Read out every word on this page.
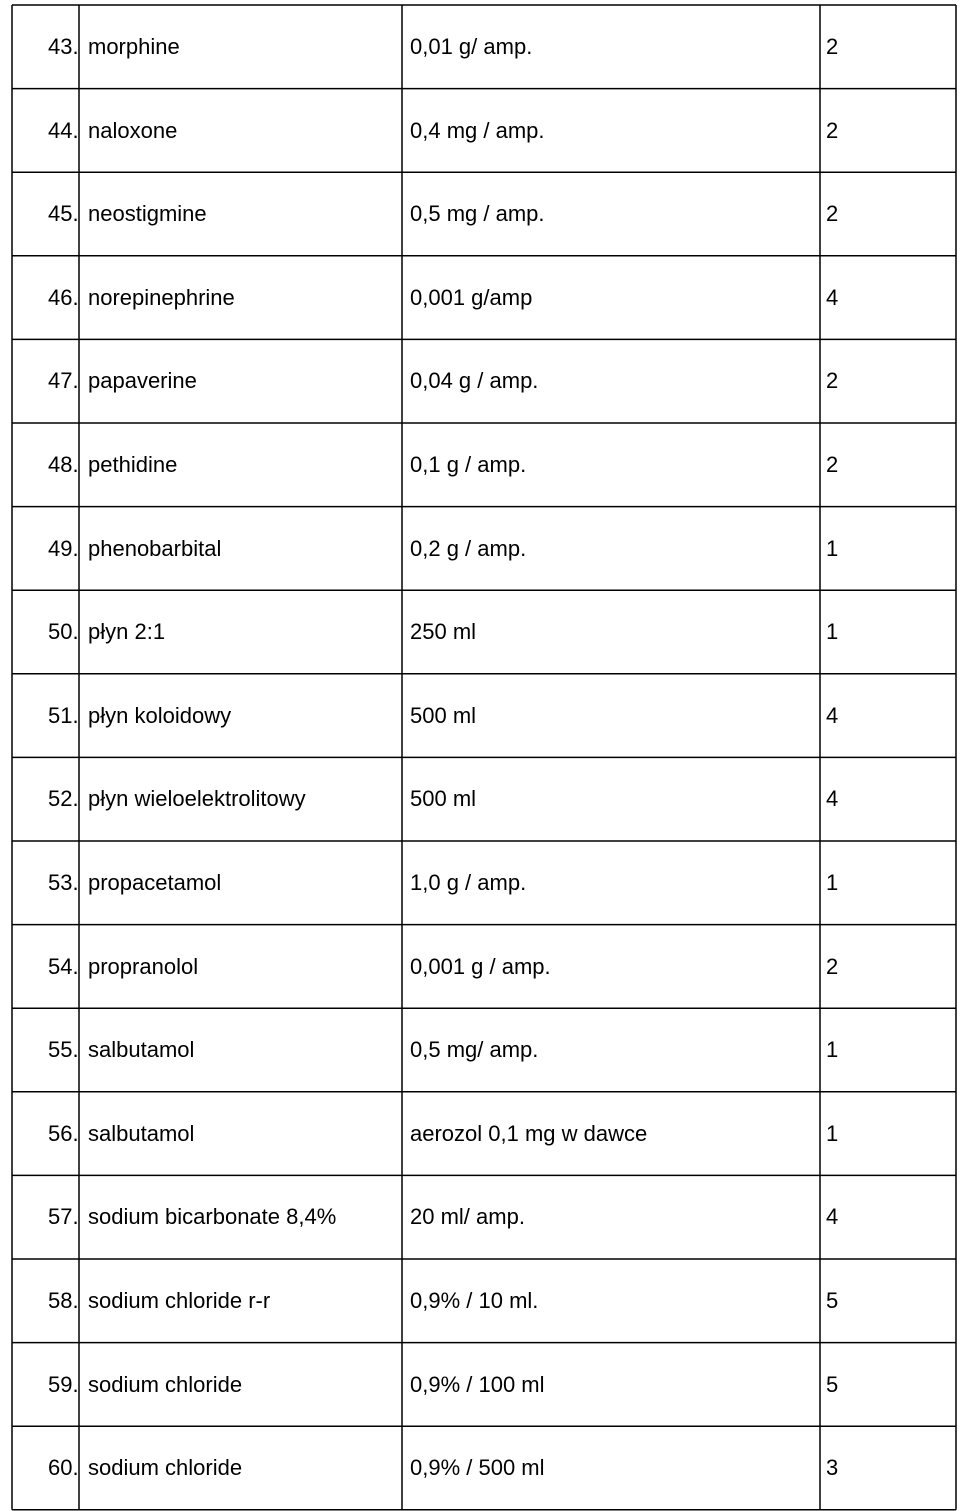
43. morphine	0,01 g/ amp.	2
44. naloxone	0,4 mg / amp.	2
45. neostigmine	0,5 mg / amp.	2
46. norepinephrine	0,001 g/amp	4
47. papaverine	0,04 g / amp.	2
48. pethidine	0,1 g / amp.	2
49. phenobarbital	0,2 g / amp.	1
50. płyn 2:1	250 ml	1
51. płyn koloidowy	500 ml	4
52. płyn wieloelektrolitowy	500 ml	4
53. propacetamol	1,0 g / amp.	1
54. propranolol	0,001 g / amp.	2
55. salbutamol	0,5 mg/ amp.	1
56. salbutamol	aerozol 0,1 mg w dawce	1
57. sodium bicarbonate 8,4%	20 ml/ amp.	4
58. sodium chloride r-r	0,9% / 10 ml.	5
59. sodium chloride	0,9% / 100 ml	5
60. sodium chloride	0,9% / 500 ml	3
